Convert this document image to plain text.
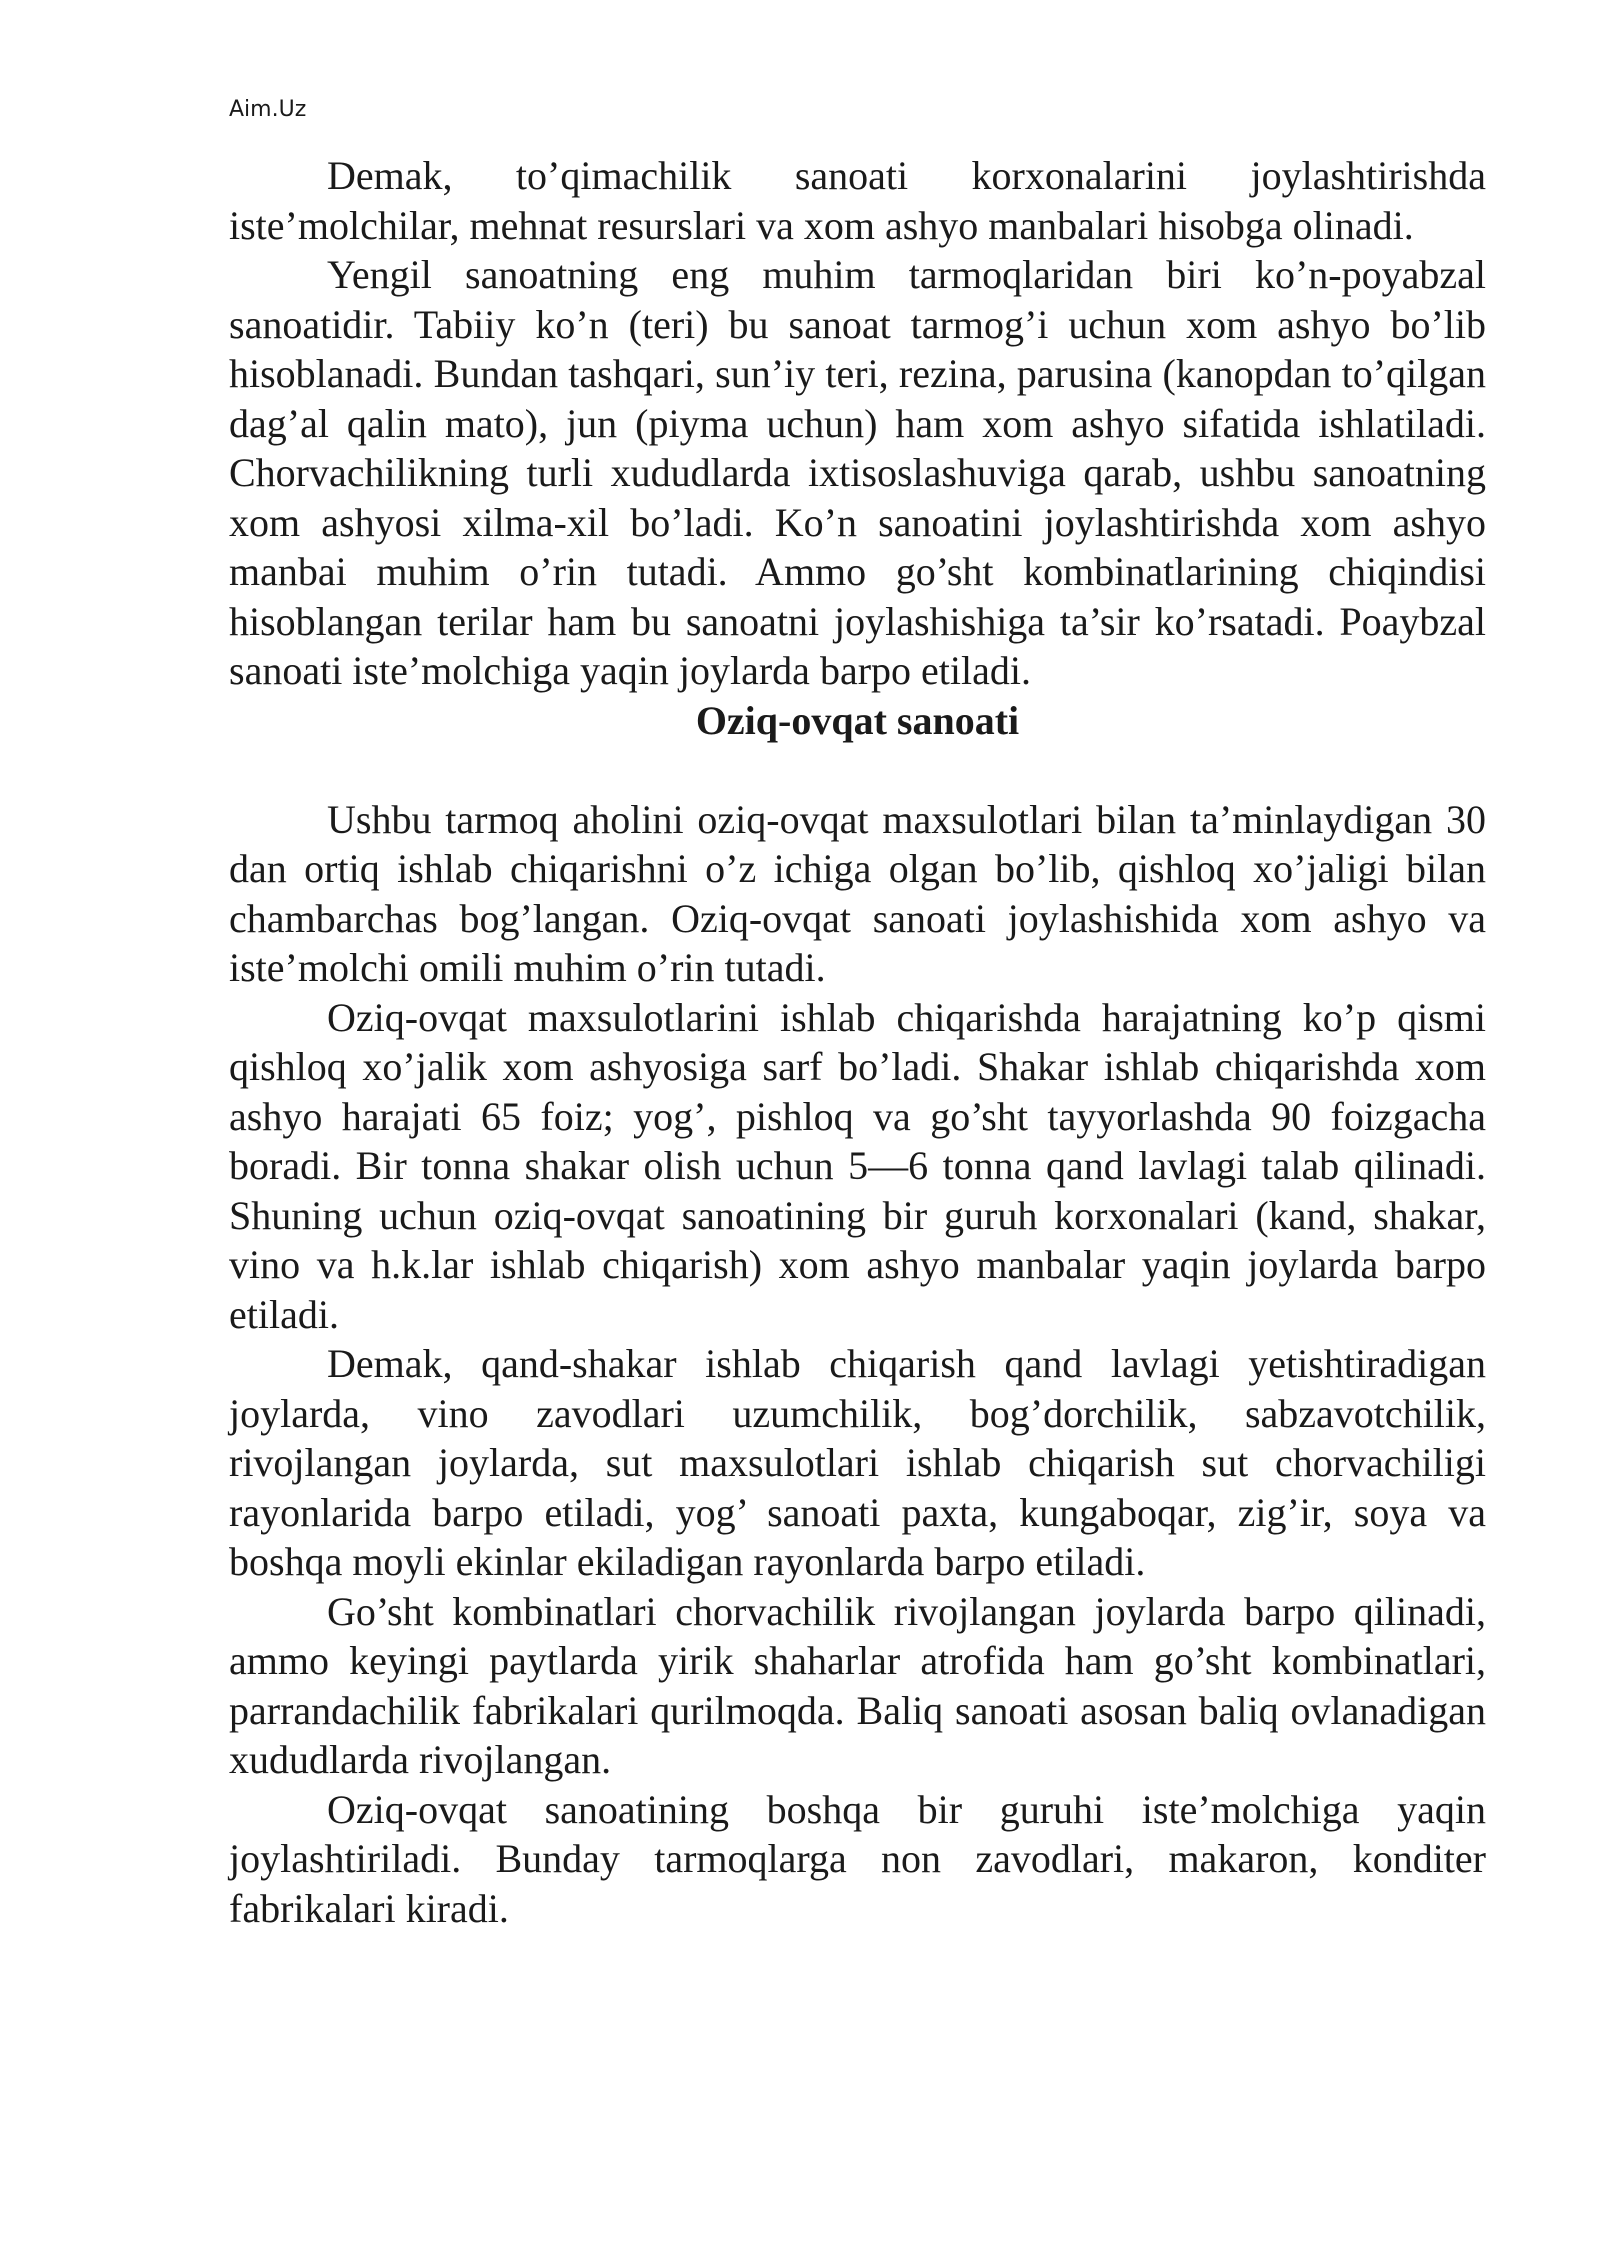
Aim.Uz

Demak, to’qimachilik sanoati korxonalarini joylashtirishda iste’molchilar, mehnat resurslari va xom ashyo manbalari hisobga olinadi.

Yengil sanoatning eng muhim tarmoqlaridan biri ko’n-poyabzal sanoatidir. Tabiiy ko’n (teri) bu sanoat tarmog’i uchun xom ashyo bo’lib hisoblanadi. Bundan tashqari, sun’iy teri, rezina, parusina (kanopdan to’qilgan dag’al qalin mato), jun (piyma uchun) ham xom ashyo sifatida ishlatiladi. Chorvachilikning turli xududlarda ixtisoslashuviga qarab, ushbu sanoatning xom ashyosi xilma-xil bo’ladi. Ko’n sanoatini joylashtirishda xom ashyo manbai muhim o’rin tutadi. Ammo go’sht kombinatlarining chiqindisi hisoblangan terilar ham bu sanoatni joylashishiga ta’sir ko’rsatadi. Poaybzal sanoati iste’molchiga yaqin joylarda barpo etiladi.

Oziq-ovqat sanoati

Ushbu tarmoq aholini oziq-ovqat maxsulotlari bilan ta’minlaydigan 30 dan ortiq ishlab chiqarishni o’z ichiga olgan bo’lib, qishloq xo’jaligi bilan chambarchas bog’langan. Oziq-ovqat sanoati joylashishida xom ashyo va iste’molchi omili muhim o’rin tutadi.

Oziq-ovqat maxsulotlarini ishlab chiqarishda harajatning ko’p qismi qishloq xo’jalik xom ashyosiga sarf bo’ladi. Shakar ishlab chiqarishda xom ashyo harajati 65 foiz; yog’, pishloq va go’sht tayyorlashda 90 foizgacha boradi. Bir tonna shakar olish uchun 5—6 tonna qand lavlagi talab qilinadi. Shuning uchun oziq-ovqat sanoatining bir guruh korxonalari (kand, shakar, vino va h.k.lar ishlab chiqarish) xom ashyo manbalar yaqin joylarda barpo etiladi.

Demak, qand-shakar ishlab chiqarish qand lavlagi yetishtiradigan joylarda, vino zavodlari uzumchilik, bog’dorchilik, sabzavotchilik, rivojlangan joylarda, sut maxsulotlari ishlab chiqarish sut chorvachiligi rayonlarida barpo etiladi, yog’ sanoati paxta, kungaboqar, zig’ir, soya va boshqa moyli ekinlar ekiladigan rayonlarda barpo etiladi.

Go’sht kombinatlari chorvachilik rivojlangan joylarda barpo qilinadi, ammo keyingi paytlarda yirik shaharlar atrofida ham go’sht kombinatlari, parrandachilik fabrikalari qurilmoqda. Baliq sanoati asosan baliq ovlanadigan xududlarda rivojlangan.

Oziq-ovqat sanoatining boshqa bir guruhi iste’molchiga yaqin joylashtiriladi. Bunday tarmoqlarga non zavodlari, makaron, konditer fabrikalari kiradi.
